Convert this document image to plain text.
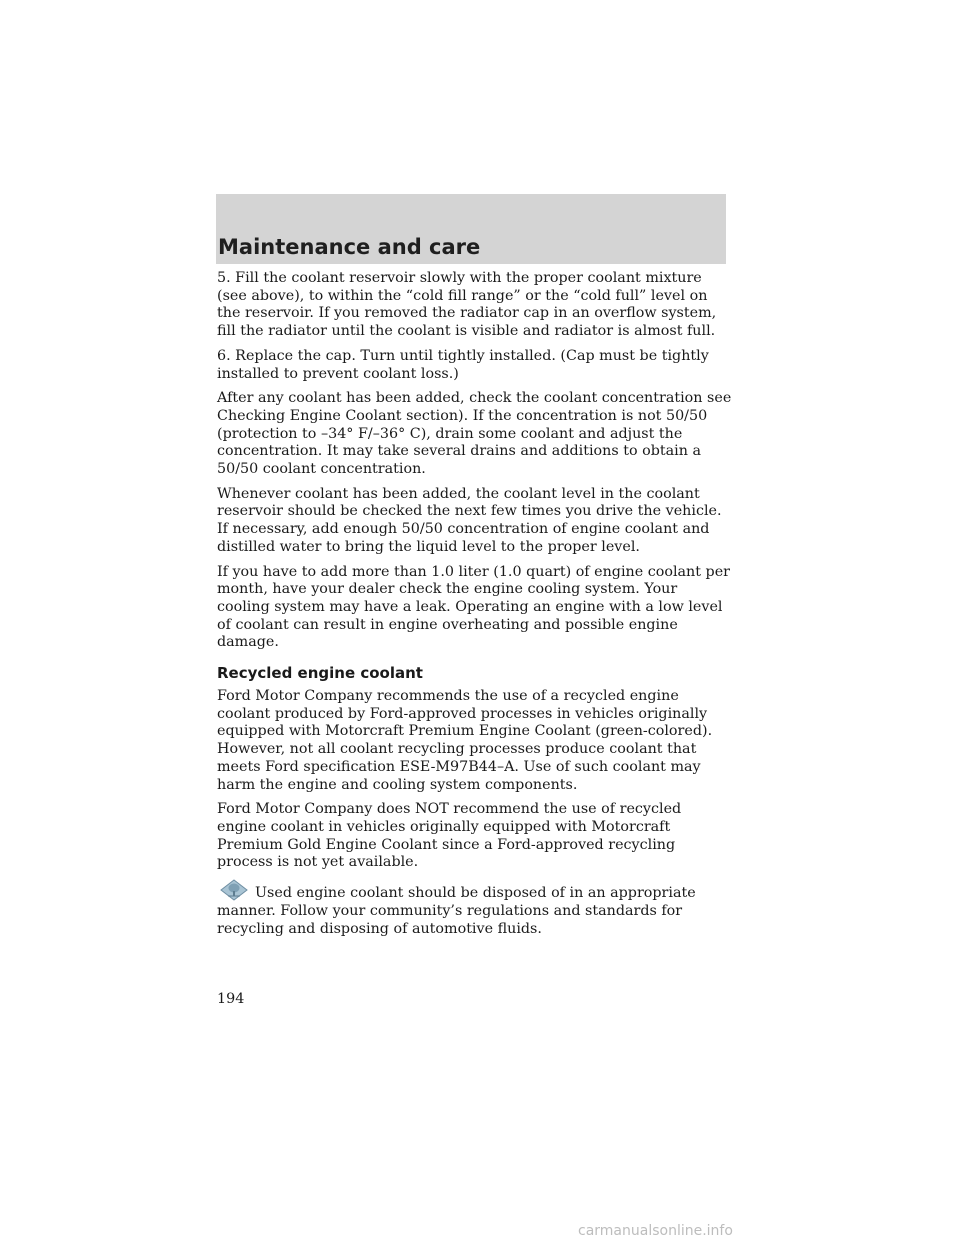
Maintenance and care

5. Fill the coolant reservoir slowly with the proper coolant mixture (see above), to within the “cold fill range” or the “cold full” level on the reservoir. If you removed the radiator cap in an overflow system, fill the radiator until the coolant is visible and radiator is almost full.

6. Replace the cap. Turn until tightly installed. (Cap must be tightly installed to prevent coolant loss.)

After any coolant has been added, check the coolant concentration see Checking Engine Coolant section). If the concentration is not 50/50 (protection to –34° F/–36° C), drain some coolant and adjust the concentration. It may take several drains and additions to obtain a 50/50 coolant concentration.

Whenever coolant has been added, the coolant level in the coolant reservoir should be checked the next few times you drive the vehicle. If necessary, add enough 50/50 concentration of engine coolant and distilled water to bring the liquid level to the proper level.

If you have to add more than 1.0 liter (1.0 quart) of engine coolant per month, have your dealer check the engine cooling system. Your cooling system may have a leak. Operating an engine with a low level of coolant can result in engine overheating and possible engine damage.

Recycled engine coolant

Ford Motor Company recommends the use of a recycled engine coolant produced by Ford-approved processes in vehicles originally equipped with Motorcraft Premium Engine Coolant (green-colored). However, not all coolant recycling processes produce coolant that meets Ford specification ESE-M97B44–A. Use of such coolant may harm the engine and cooling system components.

Ford Motor Company does NOT recommend the use of recycled engine coolant in vehicles originally equipped with Motorcraft Premium Gold Engine Coolant since a Ford-approved recycling process is not yet available.

Used engine coolant should be disposed of in an appropriate manner. Follow your community’s regulations and standards for recycling and disposing of automotive fluids.

194
carmanualsonline.info
